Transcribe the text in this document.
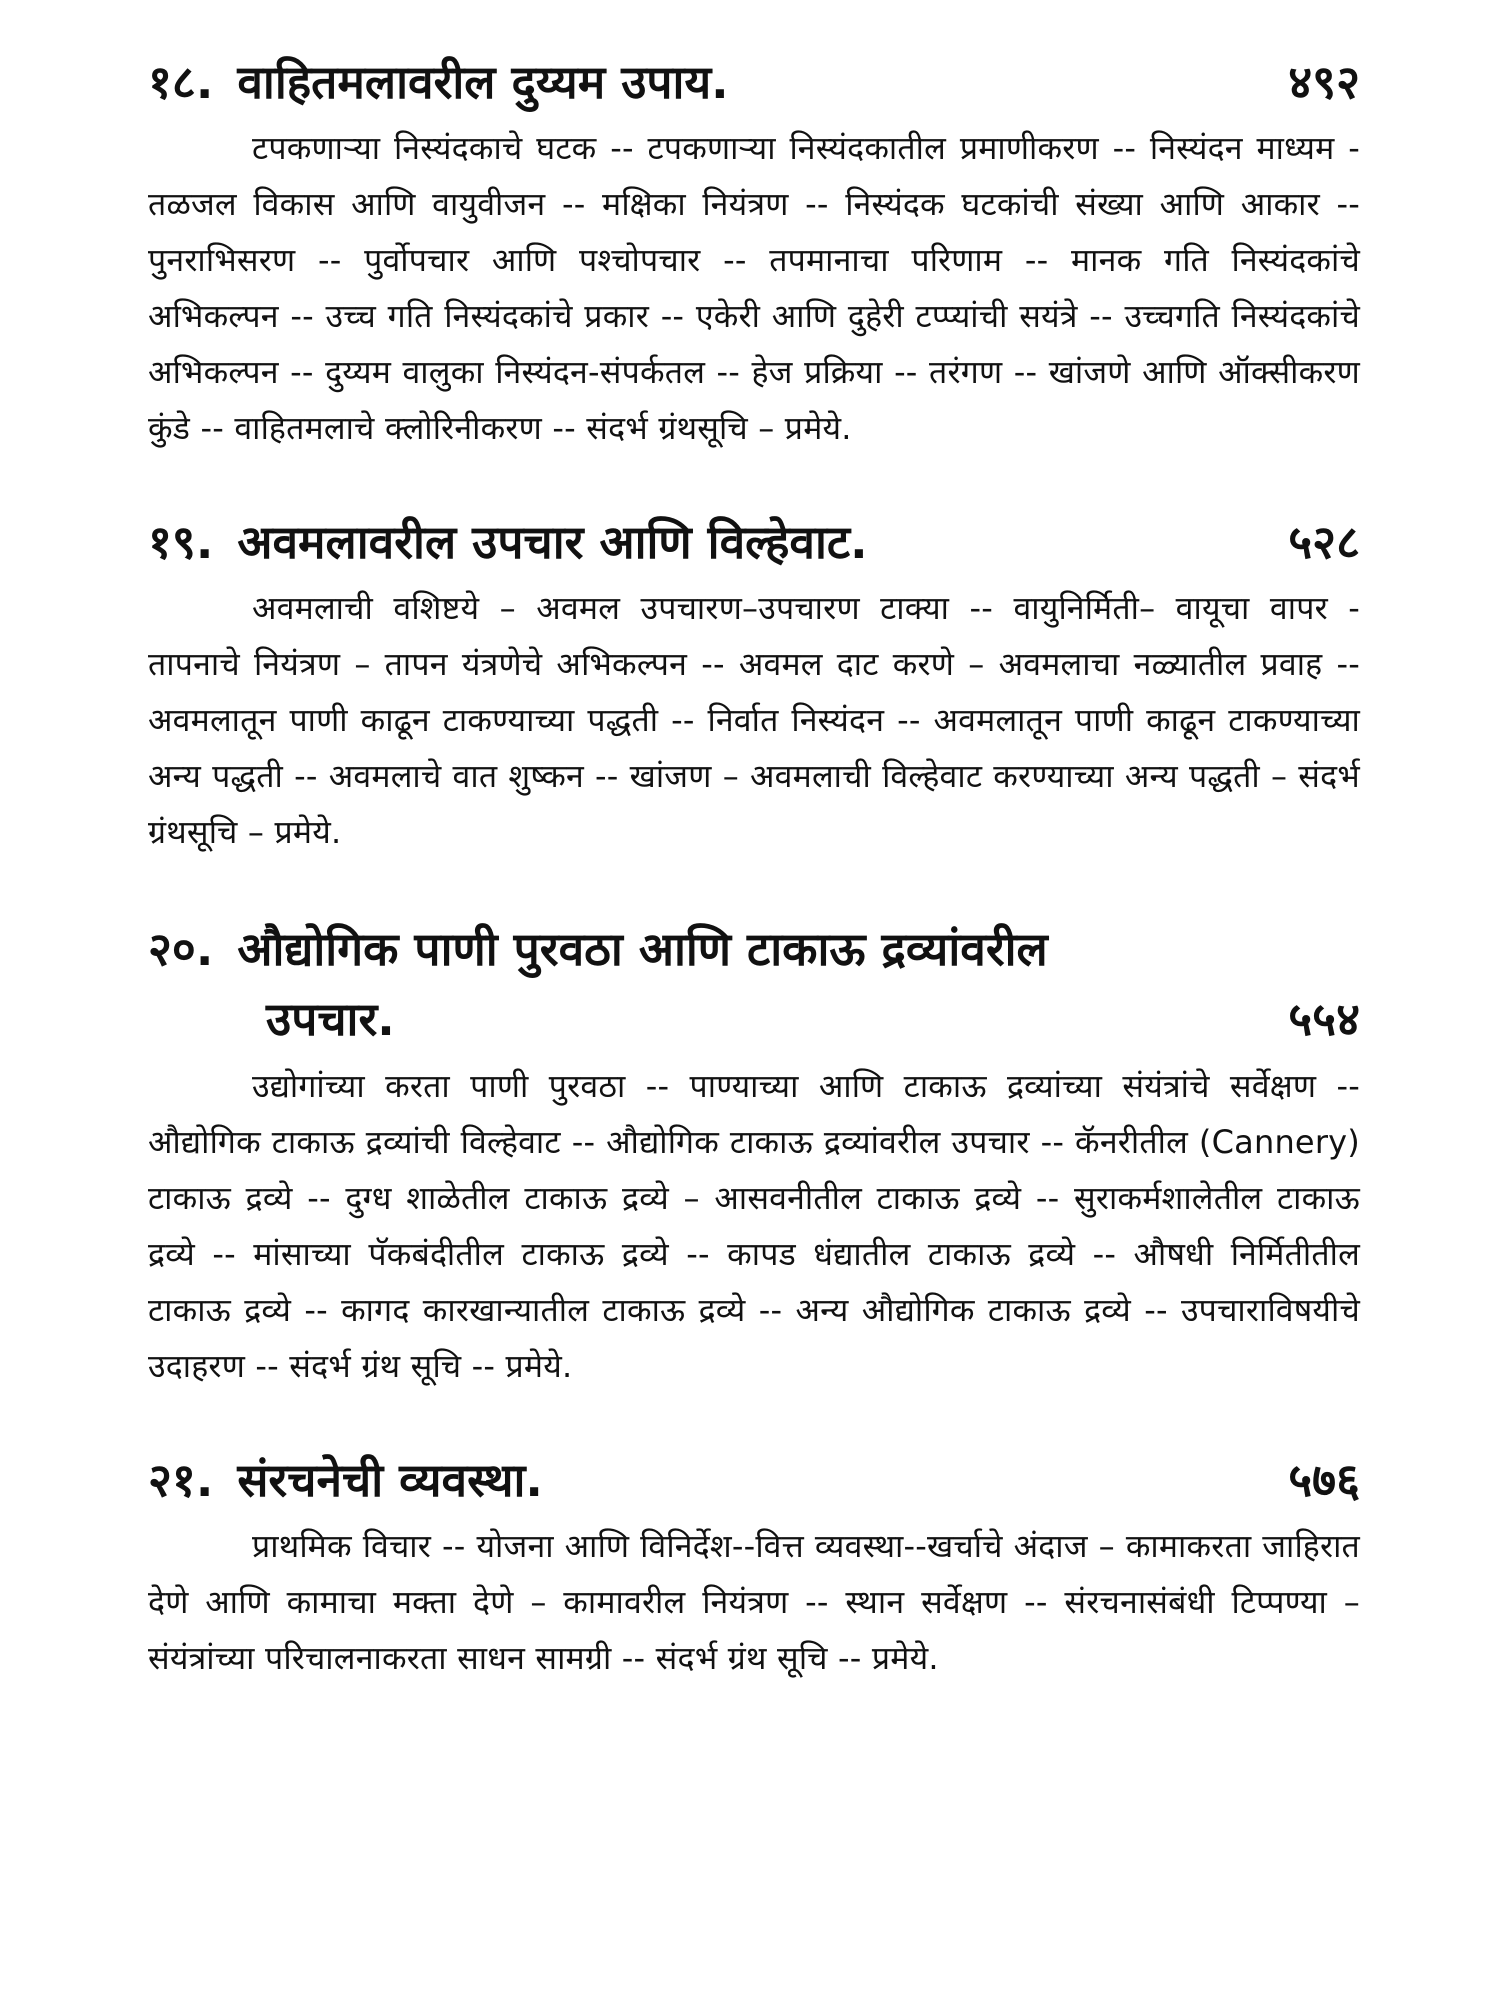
१८. वाहितमलावरील दुय्यम उपाय.	४९२

टपकणाऱ्या निस्यंदकाचे घटक -- टपकणाऱ्या निस्यंदकातील प्रमाणीकरण -- निस्यंदन माध्यम - तळजल विकास आणि वायुवीजन -- मक्षिका नियंत्रण -- निस्यंदक घटकांची संख्या आणि आकार -- पुनराभिसरण -- पुर्वोपचार आणि पश्चोपचार -- तपमानाचा परिणाम -- मानक गति निस्यंदकांचे अभिकल्पन -- उच्च गति निस्यंदकांचे प्रकार -- एकेरी आणि दुहेरी टप्प्यांची सयंत्रे -- उच्चगति निस्यंदकांचे अभिकल्पन -- दुय्यम वालुका निस्यंदन-संपर्कतल -- हेज प्रक्रिया -- तरंगण -- खांजणे आणि ऑक्सीकरण कुंडे -- वाहितमलाचे क्लोरिनीकरण -- संदर्भ ग्रंथसूचि – प्रमेये.

१९. अवमलावरील उपचार आणि विल्हेवाट.	५२८

अवमलाची वशिष्टये – अवमल उपचारण–उपचारण टाक्या -- वायुनिर्मिती– वायूचा वापर - तापनाचे नियंत्रण – तापन यंत्रणेचे अभिकल्पन -- अवमल दाट करणे – अवमलाचा नळ्यातील प्रवाह -- अवमलातून पाणी काढून टाकण्याच्या पद्धती -- निर्वात निस्यंदन -- अवमलातून पाणी काढून टाकण्याच्या अन्य पद्धती -- अवमलाचे वात शुष्कन -- खांजण – अवमलाची विल्हेवाट करण्याच्या अन्य पद्धती – संदर्भ ग्रंथसूचि – प्रमेये.

२०. औद्योगिक पाणी पुरवठा आणि टाकाऊ द्रव्यांवरील
उपचार.	५५४

उद्योगांच्या करता पाणी पुरवठा -- पाण्याच्या आणि टाकाऊ द्रव्यांच्या संयंत्रांचे सर्वेक्षण -- औद्योगिक टाकाऊ द्रव्यांची विल्हेवाट -- औद्योगिक टाकाऊ द्रव्यांवरील उपचार -- कॅनरीतील (Cannery) टाकाऊ द्रव्ये -- दुग्ध शाळेतील टाकाऊ द्रव्ये – आसवनीतील टाकाऊ द्रव्ये -- सुराकर्मशालेतील टाकाऊ द्रव्ये -- मांसाच्या पॅकबंदीतील टाकाऊ द्रव्ये -- कापड धंद्यातील टाकाऊ द्रव्ये -- औषधी निर्मितीतील टाकाऊ द्रव्ये -- कागद कारखान्यातील टाकाऊ द्रव्ये -- अन्य औद्योगिक टाकाऊ द्रव्ये -- उपचाराविषयीचे उदाहरण -- संदर्भ ग्रंथ सूचि -- प्रमेये.

२१. संरचनेची व्यवस्था.	५७६

प्राथमिक विचार -- योजना आणि विनिर्देश--वित्त व्यवस्था--खर्चाचे अंदाज – कामाकरता जाहिरात देणे आणि कामाचा मक्ता देणे – कामावरील नियंत्रण -- स्थान सर्वेक्षण -- संरचनासंबंधी टिप्पण्या – संयंत्रांच्या परिचालनाकरता साधन सामग्री -- संदर्भ ग्रंथ सूचि -- प्रमेये.
